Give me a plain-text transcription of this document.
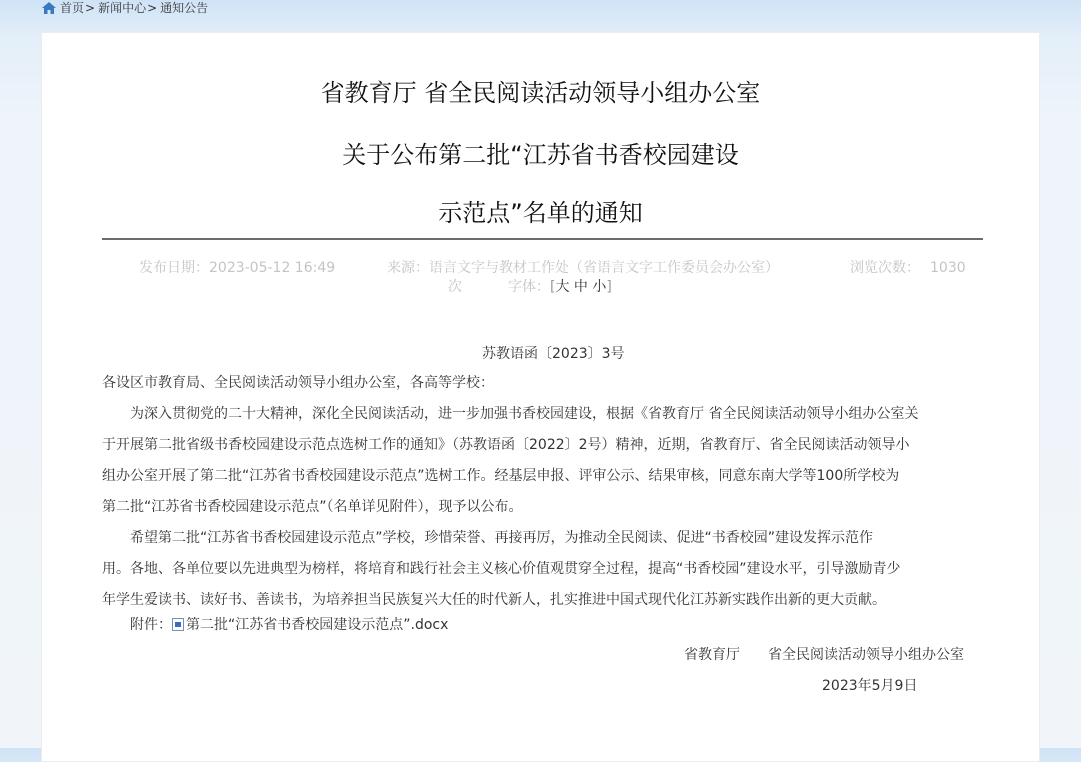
首页 > 新闻中心 > 通知公告
省教育厅 省全民阅读活动领导小组办公室
关于公布第二批“江苏省书香校园建设
示范点”名单的通知
发布日期：2023-05-12 16:49	来源：语言文字与教材工作处（省语言文字工作委员会办公室）	浏览次数： 1030
次	字体：[大 中 小]
苏教语函〔2023〕3号
各设区市教育局、全民阅读活动领导小组办公室，各高等学校：
　　为深入贯彻党的二十大精神，深化全民阅读活动，进一步加强书香校园建设，根据《省教育厅 省全民阅读活动领导小组办公室关
于开展第二批省级书香校园建设示范点选树工作的通知》（苏教语函〔2022〕2号）精神，近期，省教育厅、省全民阅读活动领导小
组办公室开展了第二批“江苏省书香校园建设示范点”选树工作。经基层申报、评审公示、结果审核，同意东南大学等100所学校为
第二批“江苏省书香校园建设示范点”（名单详见附件），现予以公布。
　　希望第二批“江苏省书香校园建设示范点”学校，珍惜荣誉、再接再厉，为推动全民阅读、促进“书香校园”建设发挥示范作
用。各地、各单位要以先进典型为榜样，将培育和践行社会主义核心价值观贯穿全过程，提高“书香校园”建设水平，引导激励青少
年学生爱读书、读好书、善读书，为培养担当民族复兴大任的时代新人，扎实推进中国式现代化江苏新实践作出新的更大贡献。
附件： 第二批“江苏省书香校园建设示范点”.docx
省教育厅　　省全民阅读活动领导小组办公室
2023年5月9日
